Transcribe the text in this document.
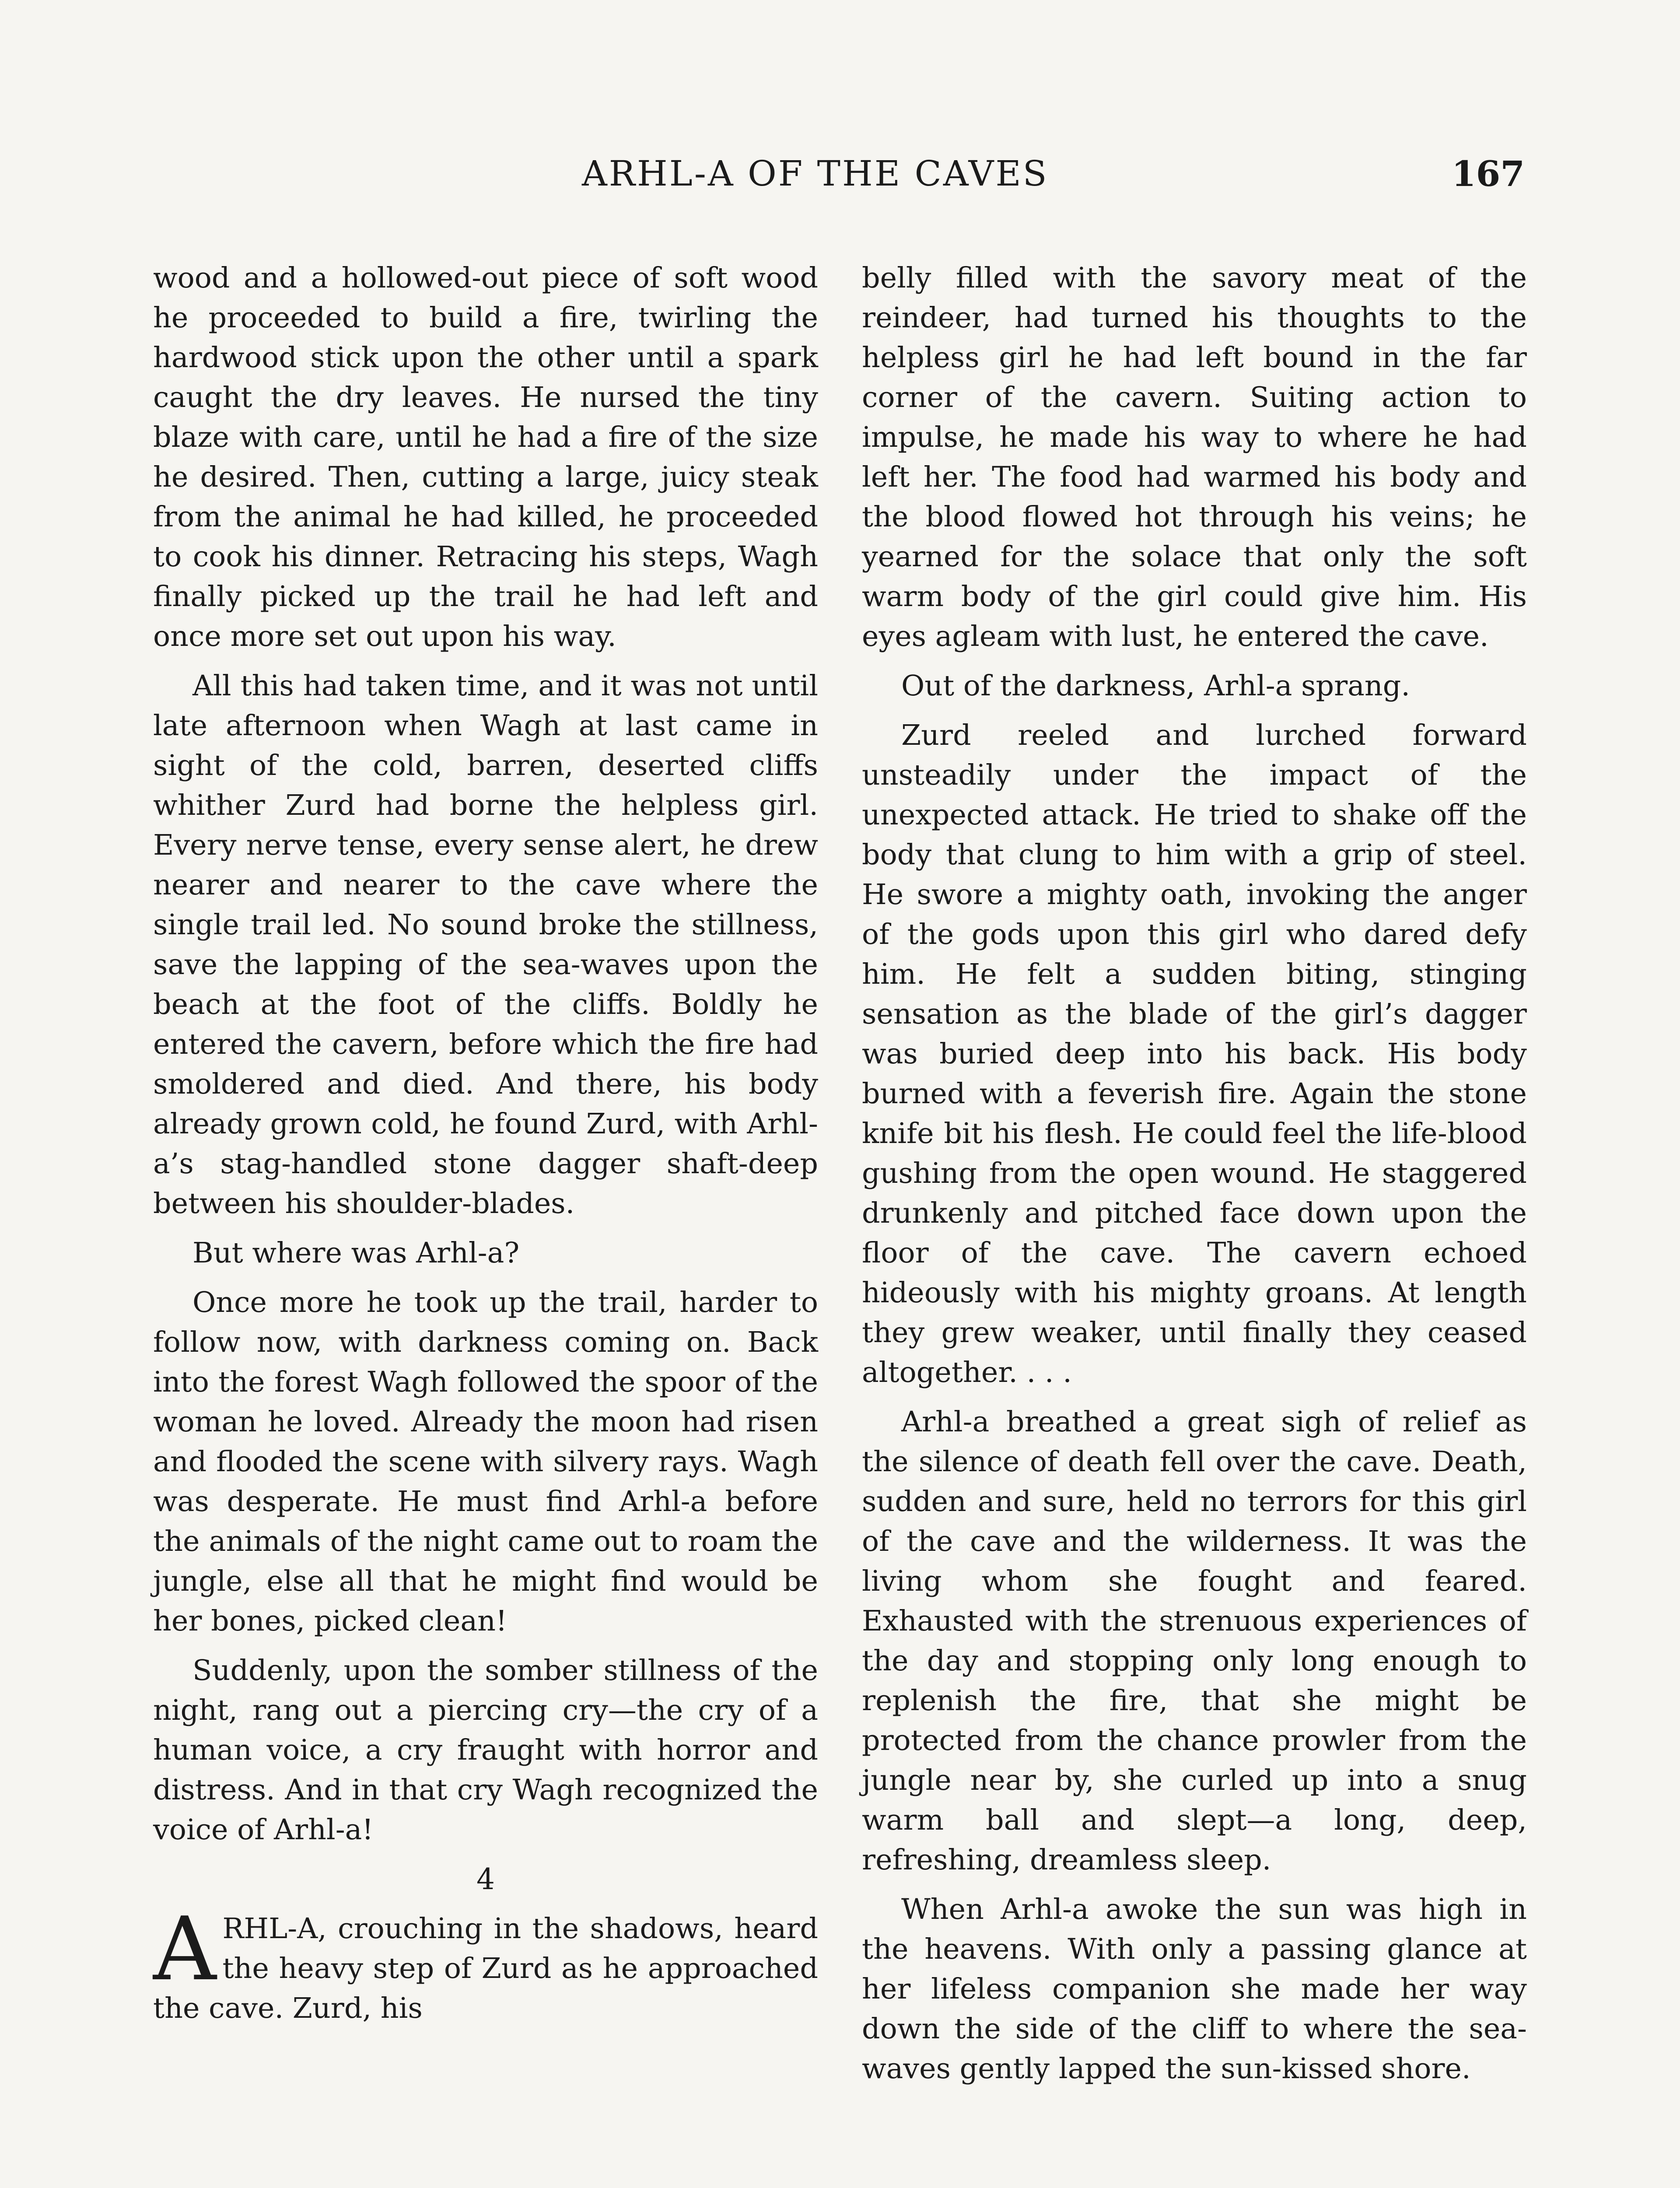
ARHL-A OF THE CAVES	167

wood and a hollowed-out piece of soft wood he proceeded to build a fire, twirling the hardwood stick upon the other until a spark caught the dry leaves. He nursed the tiny blaze with care, until he had a fire of the size he desired. Then, cutting a large, juicy steak from the animal he had killed, he proceeded to cook his dinner. Retracing his steps, Wagh finally picked up the trail he had left and once more set out upon his way.

All this had taken time, and it was not until late afternoon when Wagh at last came in sight of the cold, barren, deserted cliffs whither Zurd had borne the helpless girl. Every nerve tense, every sense alert, he drew nearer and nearer to the cave where the single trail led. No sound broke the stillness, save the lapping of the sea-waves upon the beach at the foot of the cliffs. Boldly he entered the cavern, before which the fire had smoldered and died. And there, his body already grown cold, he found Zurd, with Arhl-a’s stag-handled stone dagger shaft-deep between his shoulder-blades.

But where was Arhl-a?

Once more he took up the trail, harder to follow now, with darkness coming on. Back into the forest Wagh followed the spoor of the woman he loved. Already the moon had risen and flooded the scene with silvery rays. Wagh was desperate. He must find Arhl-a before the animals of the night came out to roam the jungle, else all that he might find would be her bones, picked clean!

Suddenly, upon the somber stillness of the night, rang out a piercing cry—the cry of a human voice, a cry fraught with horror and distress. And in that cry Wagh recognized the voice of Arhl-a!

4

ARHL-A, crouching in the shadows, heard the heavy step of Zurd as he approached the cave. Zurd, his

belly filled with the savory meat of the reindeer, had turned his thoughts to the helpless girl he had left bound in the far corner of the cavern. Suiting action to impulse, he made his way to where he had left her. The food had warmed his body and the blood flowed hot through his veins; he yearned for the solace that only the soft warm body of the girl could give him. His eyes agleam with lust, he entered the cave.

Out of the darkness, Arhl-a sprang.

Zurd reeled and lurched forward unsteadily under the impact of the unexpected attack. He tried to shake off the body that clung to him with a grip of steel. He swore a mighty oath, invoking the anger of the gods upon this girl who dared defy him. He felt a sudden biting, stinging sensation as the blade of the girl’s dagger was buried deep into his back. His body burned with a feverish fire. Again the stone knife bit his flesh. He could feel the life-blood gushing from the open wound. He staggered drunkenly and pitched face down upon the floor of the cave. The cavern echoed hideously with his mighty groans. At length they grew weaker, until finally they ceased altogether. . . .

Arhl-a breathed a great sigh of relief as the silence of death fell over the cave. Death, sudden and sure, held no terrors for this girl of the cave and the wilderness. It was the living whom she fought and feared. Exhausted with the strenuous experiences of the day and stopping only long enough to replenish the fire, that she might be protected from the chance prowler from the jungle near by, she curled up into a snug warm ball and slept—a long, deep, refreshing, dreamless sleep.

When Arhl-a awoke the sun was high in the heavens. With only a passing glance at her lifeless companion she made her way down the side of the cliff to where the sea-waves gently lapped the sun-kissed shore.
